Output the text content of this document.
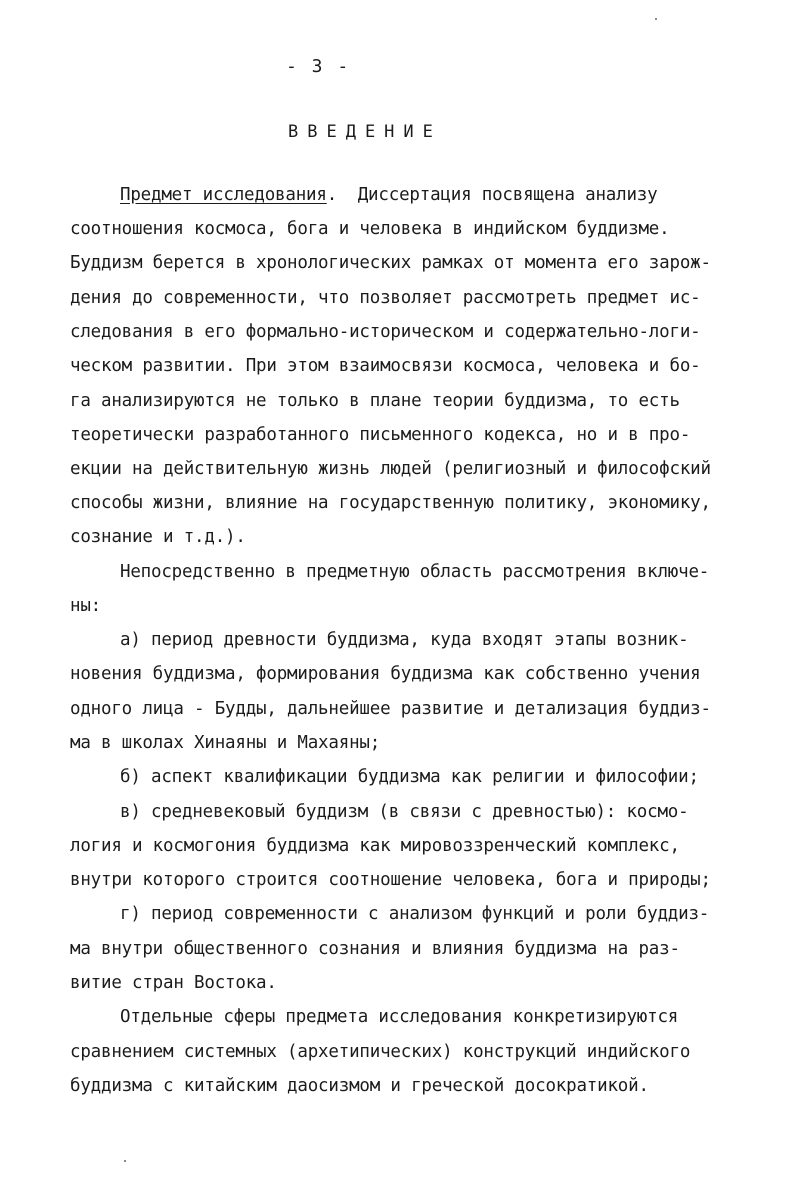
- 3 -
ВВЕДЕНИЕ
Предмет исследования.  Диссертация посвящена анализу
соотношения космоса, бога и человека в индийском буддизме.
Буддизм берется в хронологических рамках от момента его зарож-
дения до современности, что позволяет рассмотреть предмет ис-
следования в его формально-историческом и содержательно-логи-
ческом развитии. При этом взаимосвязи космоса, человека и бо-
га анализируются не только в плане теории буддизма, то есть
теоретически разработанного письменного кодекса, но и в про-
екции на действительную жизнь людей (религиозный и философский
способы жизни, влияние на государственную политику, экономику,
сознание и т.д.).
Непосредственно в предметную область рассмотрения включе-
ны:
а) период древности буддизма, куда входят этапы возник-
новения буддизма, формирования буддизма как собственно учения
одного лица - Будды, дальнейшее развитие и детализация буддиз-
ма в школах Хинаяны и Махаяны;
б) аспект квалификации буддизма как религии и философии;
в) средневековый буддизм (в связи с древностью): космо-
логия и космогония буддизма как мировоззренческий комплекс,
внутри которого строится соотношение человека, бога и природы;
г) период современности с анализом функций и роли буддиз-
ма внутри общественного сознания и влияния буддизма на раз-
витие стран Востока.
Отдельные сферы предмета исследования конкретизируются
сравнением системных (архетипических) конструкций индийского
буддизма с китайским даосизмом и греческой досократикой.
